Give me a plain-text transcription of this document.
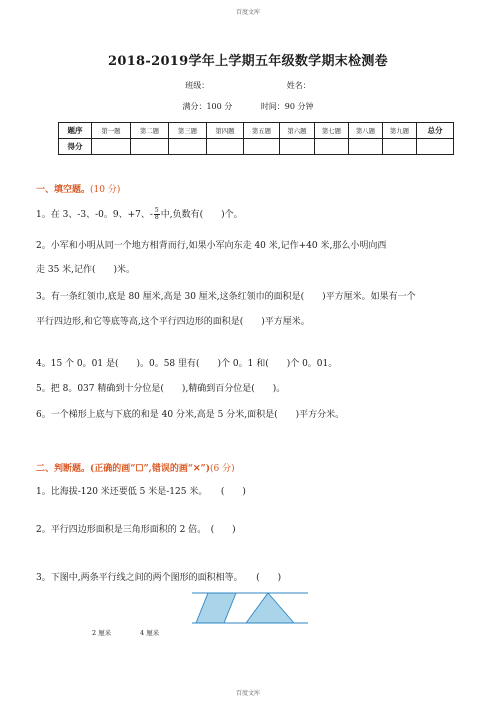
百度文库
2018-2019学年上学期五年级数学期末检测卷
班级：	姓名：
满分：100 分	时间：90 分钟
题序	第一题	第二题	第三题	第四题	第五题	第六题	第七题	第八题	第九题	总分
得分										
一、填空题。(10 分)
1。在 3、-3、-0。9、+7、- $\frac{5}{8}$ 中,负数有(　　)个。
2。小军和小明从同一个地方相背而行,如果小军向东走 40 米,记作+40 米,那么小明向西
走 35 米,记作(　　)米。
3。有一条红领巾,底是 80 厘米,高是 30 厘米,这条红领巾的面积是(　　)平方厘米。如果有一个
平行四边形,和它等底等高,这个平行四边形的面积是(　　)平方厘米。
4。15 个 0。01 是(　　)。0。58 里有(　　)个 0。1 和(　　)个 0。01。
5。把 8。037 精确到十分位是(　　),精确到百分位是(　　)。
6。一个梯形上底与下底的和是 40 分米,高是 5 分米,面积是(　　)平方分米。
二、判断题。(正确的画“☐”,错误的画“✕”)(6 分)
1。比海拔-120 米还要低 5 米是-125 米。　　(　　)
2。平行四边形面积是三角形面积的 2 倍。　(　　)
3。下图中,两条平行线之间的两个图形的面积相等。　　(　　)
2 厘米	4 厘米
百度文库
